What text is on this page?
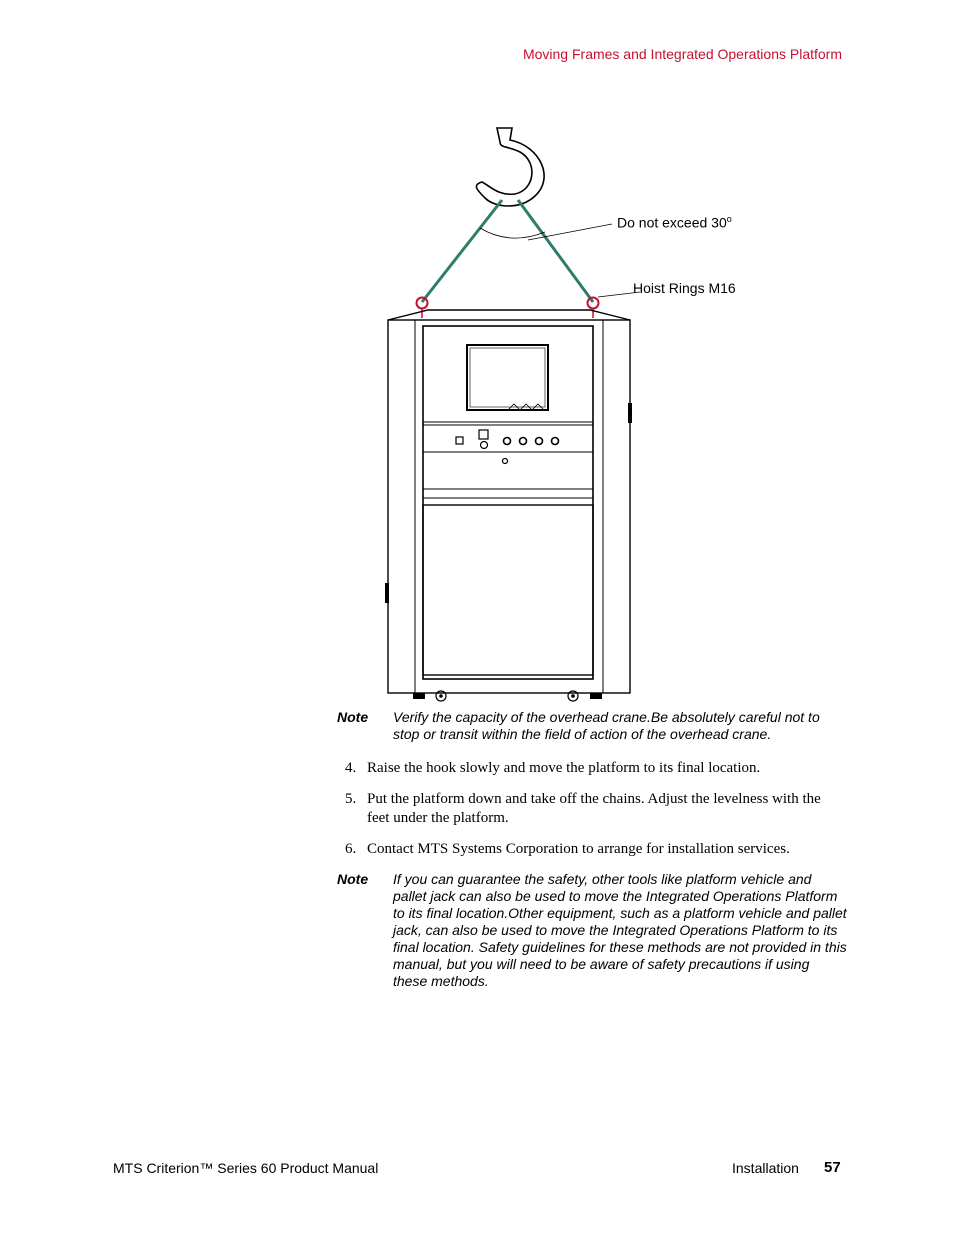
Moving Frames and Integrated Operations Platform
Do not exceed 30$^o$
Hoist Rings M16
Note Verify the capacity of the overhead crane.Be absolutely careful not to stop or transit within the field of action of the overhead crane.
4. Raise the hook slowly and move the platform to its final location.
5. Put the platform down and take off the chains. Adjust the levelness with the feet under the platform.
6. Contact MTS Systems Corporation to arrange for installation services.
Note If you can guarantee the safety, other tools like platform vehicle and pallet jack can also be used to move the Integrated Operations Platform to its final location.Other equipment, such as a platform vehicle and pallet jack, can also be used to move the Integrated Operations Platform to its final location. Safety guidelines for these methods are not provided in this manual, but you will need to be aware of safety precautions if using these methods.
MTS Criterion™ Series 60 Product Manual	Installation 57
